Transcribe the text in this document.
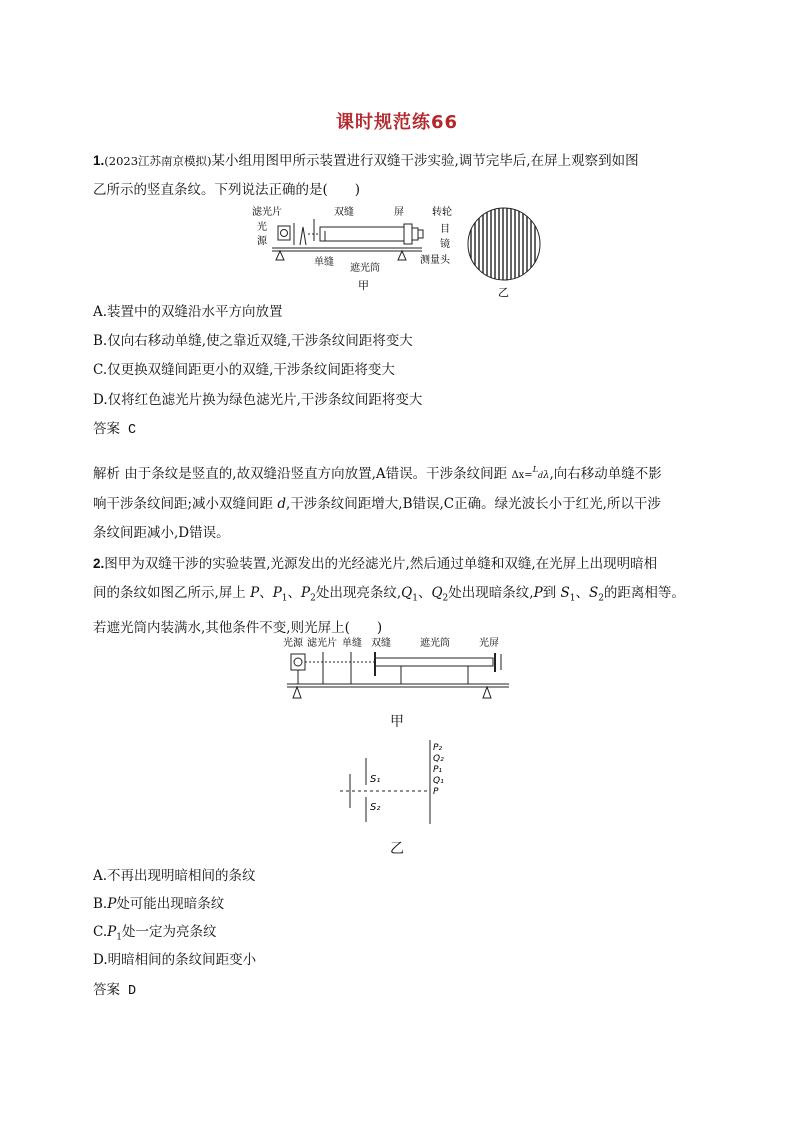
课时规范练66
1.(2023江苏南京模拟)某小组用图甲所示装置进行双缝干涉实验,调节完毕后,在屏上观察到如图
乙所示的竖直条纹。下列说法正确的是(　　)
滤光片	双缝	屏	转轮
光
源
目
镜
单缝
遮光筒
测量头
甲
乙
A.装置中的双缝沿水平方向放置
B.仅向右移动单缝,使之靠近双缝,干涉条纹间距将变大
C.仅更换双缝间距更小的双缝,干涉条纹间距将变大
D.仅将红色滤光片换为绿色滤光片,干涉条纹间距将变大
答案 C
解析 由于条纹是竖直的,故双缝沿竖直方向放置,A错误。干涉条纹间距 Δx=Ldλ,向右移动单缝不影
响干涉条纹间距;减小双缝间距 d,干涉条纹间距增大,B错误,C正确。绿光波长小于红光,所以干涉
条纹间距减小,D错误。
2.图甲为双缝干涉的实验装置,光源发出的光经滤光片,然后通过单缝和双缝,在光屏上出现明暗相
间的条纹如图乙所示,屏上 P、$P_1$、$P_2$处出现亮条纹$,Q_1$、$Q_2$处出现暗条纹,P到 $S_1$、$S_2$的距离相等。
若遮光筒内装满水,其他条件不变,则光屏上(　　)
光源 滤光片 单缝 双缝	遮光筒	光屏
甲
S₁
S₂
P₂
Q₂
P₁
Q₁
P
乙
A.不再出现明暗相间的条纹
B.P处可能出现暗条纹
$C.P_1$处一定为亮条纹
D.明暗相间的条纹间距变小
答案 D
